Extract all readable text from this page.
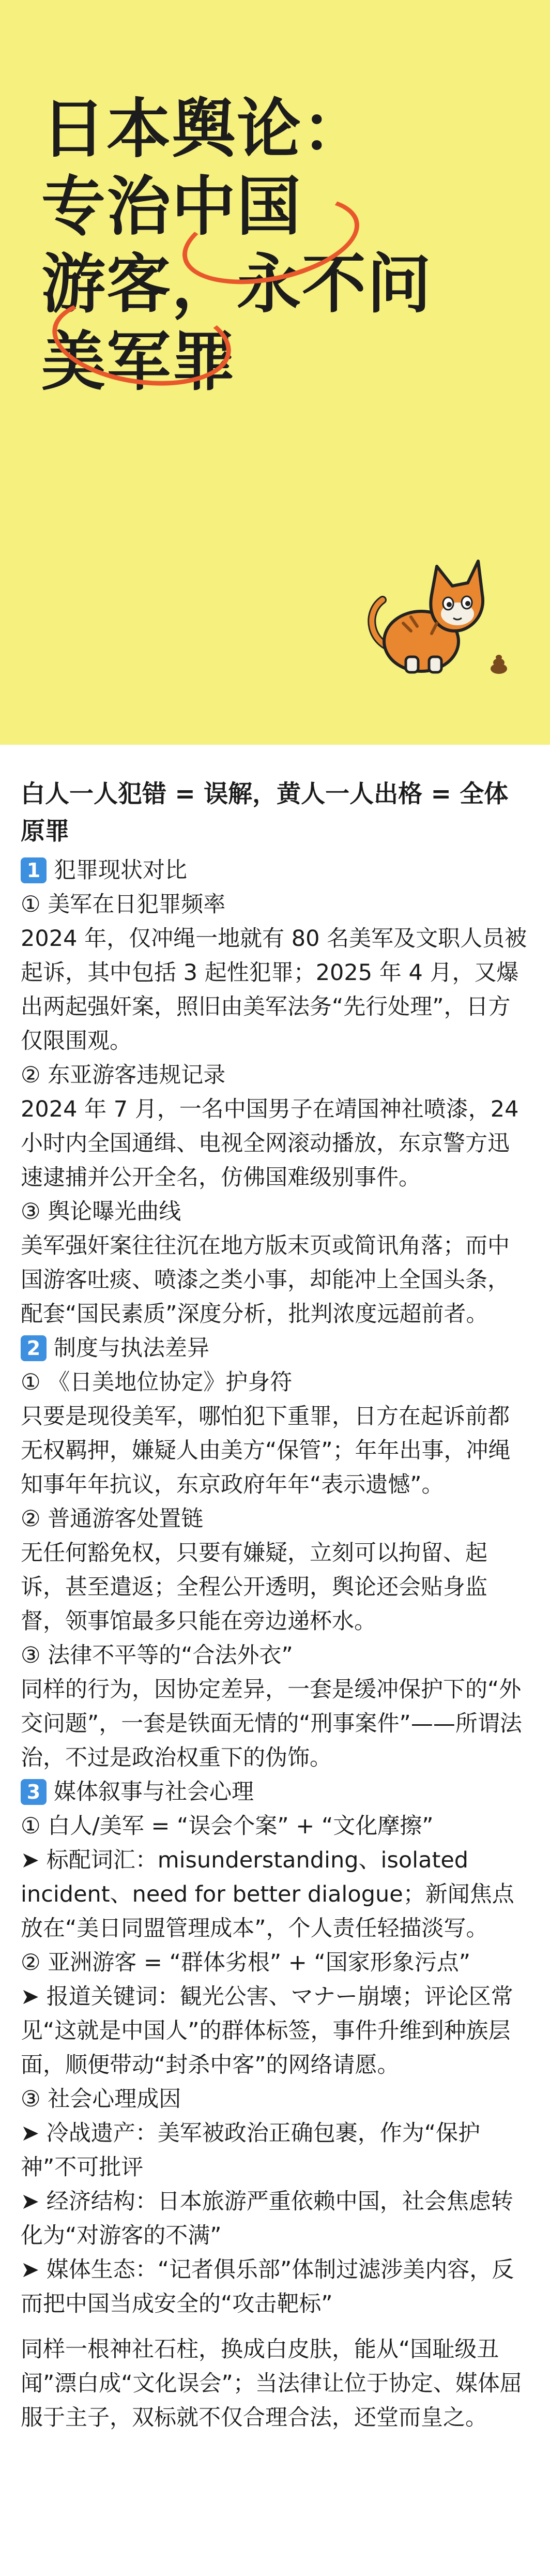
日本舆论：
专治中国
游客，永不问
美军罪

白人一人犯错 = 误解，黄人一人出格 = 全体原罪

1 犯罪现状对比

① 美军在日犯罪频率

2024 年，仅冲绳一地就有 80 名美军及文职人员被起诉，其中包括 3 起性犯罪；2025 年 4 月，又爆出两起强奸案，照旧由美军法务“先行处理”，日方仅限围观。

② 东亚游客违规记录

2024 年 7 月，一名中国男子在靖国神社喷漆，24 小时内全国通缉、电视全网滚动播放，东京警方迅速逮捕并公开全名，仿佛国难级别事件。

③ 舆论曝光曲线

美军强奸案往往沉在地方版末页或简讯角落；而中国游客吐痰、喷漆之类小事，却能冲上全国头条，配套“国民素质”深度分析，批判浓度远超前者。

2 制度与执法差异

① 《日美地位协定》护身符

只要是现役美军，哪怕犯下重罪，日方在起诉前都无权羁押，嫌疑人由美方“保管”；年年出事，冲绳知事年年抗议，东京政府年年“表示遗憾”。

② 普通游客处置链

无任何豁免权，只要有嫌疑，立刻可以拘留、起诉，甚至遣返；全程公开透明，舆论还会贴身监督，领事馆最多只能在旁边递杯水。

③ 法律不平等的“合法外衣”

同样的行为，因协定差异，一套是缓冲保护下的“外交问题”，一套是铁面无情的“刑事案件”——所谓法治，不过是政治权重下的伪饰。

3 媒体叙事与社会心理

① 白人/美军 = “误会个案” + “文化摩擦”

➤ 标配词汇：misunderstanding、isolated incident、need for better dialogue；新闻焦点放在“美日同盟管理成本”，个人责任轻描淡写。

② 亚洲游客 = “群体劣根” + “国家形象污点”

➤ 报道关键词：観光公害、マナー崩壊；评论区常见“这就是中国人”的群体标签，事件升维到种族层面，顺便带动“封杀中客”的网络请愿。

③ 社会心理成因

➤ 冷战遗产：美军被政治正确包裹，作为“保护神”不可批评

➤ 经济结构：日本旅游严重依赖中国，社会焦虑转化为“对游客的不满”

➤ 媒体生态：“记者俱乐部”体制过滤涉美内容，反而把中国当成安全的“攻击靶标”

同样一根神社石柱，换成白皮肤，能从“国耻级丑闻”漂白成“文化误会”；当法律让位于协定、媒体屈服于主子，双标就不仅合理合法，还堂而皇之。
